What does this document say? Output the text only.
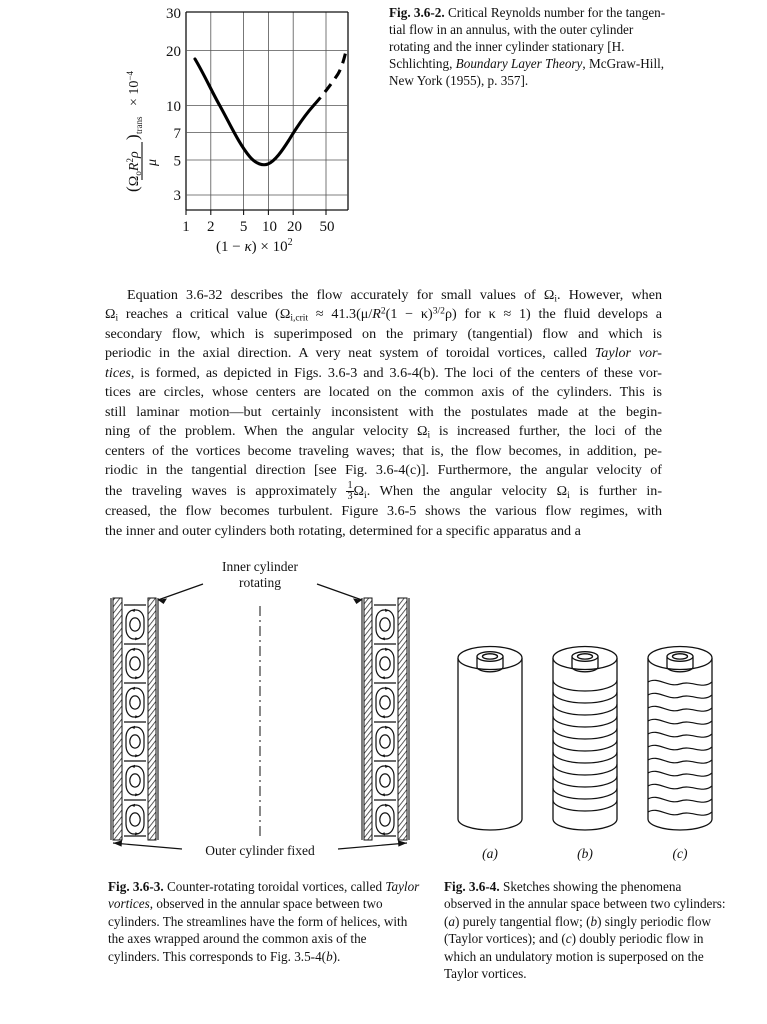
30
20
10
7
5
3
1 2 5 10 20 50
$(1 - \kappa) \times 10^2$
($Ω_oR^2\rho$
μ
)
trans
× $10^{-4}$
Fig. 3.6-2. Critical Reynolds number for the tangential flow in an annulus, with the outer cylinder rotating and the inner cylinder stationary [H. Schlichting, Boundary Layer Theory, McGraw-Hill, New York (1955), p. 357].
Equation 3.6-32 describes the flow accurately for small values of $\Omega_i$. However, when
$\Omega_i$ reaches a critical value ($\Omega_{i,crit} \approx 41.3(\mu/R^2(1 - \kappa)^{3/2}\rho)$ for κ ≈ 1) the fluid develops a
secondary flow, which is superimposed on the primary (tangential) flow and which is
periodic in the axial direction. A very neat system of toroidal vortices, called Taylor vor-
tices, is formed, as depicted in Figs. 3.6-3 and 3.6-4(b). The loci of the centers of these vor-
tices are circles, whose centers are located on the common axis of the cylinders. This is
still laminar motion—but certainly inconsistent with the postulates made at the begin-
ning of the problem. When the angular velocity $\Omega_i$ is increased further, the loci of the
centers of the vortices become traveling waves; that is, the flow becomes, in addition, pe-
riodic in the tangential direction [see Fig. 3.6-4(c)]. Furthermore, the angular velocity of
the traveling waves is approximately $\frac{1}{3} \Omega_i$. When the angular velocity $\Omega_i$ is further in-
creased, the flow becomes turbulent. Figure 3.6-5 shows the various flow regimes, with
the inner and outer cylinders both rotating, determined for a specific apparatus and a
Inner cylinder
rotating
Outer cylinder fixed
Fig. 3.6-3. Counter-rotating toroidal vortices, called Taylor vortices, observed in the annular space between two cylinders. The streamlines have the form of helices, with the axes wrapped around the common axis of the cylinders. This corresponds to Fig. 3.5-4(b).
(a)	(b)	(c)
Fig. 3.6-4. Sketches showing the phenomena observed in the annular space between two cylinders: (a) purely tangential flow; (b) singly periodic flow (Taylor vortices); and (c) doubly periodic flow in which an undulatory motion is superposed on the Taylor vortices.
